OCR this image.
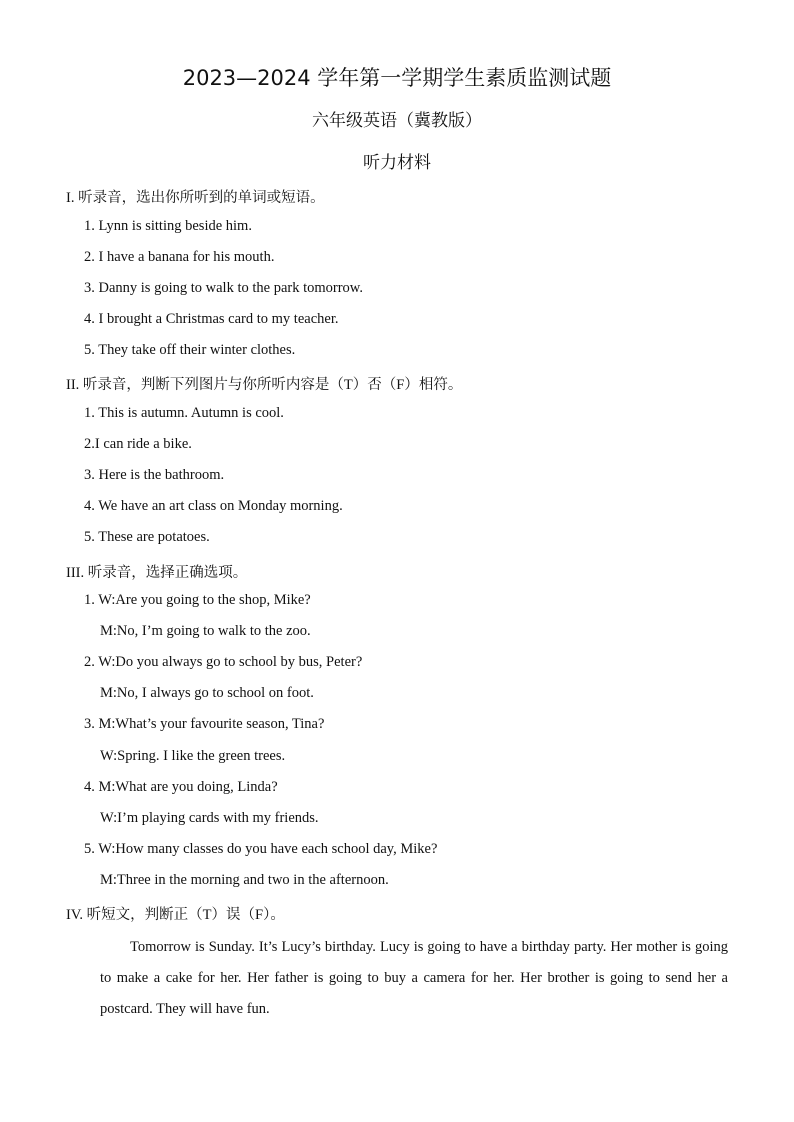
2023—2024 学年第一学期学生素质监测试题
六年级英语（冀教版）
听力材料
I. 听录音，选出你所听到的单词或短语。
1. Lynn is sitting beside him.
2. I have a banana for his mouth.
3. Danny is going to walk to the park tomorrow.
4. I brought a Christmas card to my teacher.
5. They take off their winter clothes.
II. 听录音，判断下列图片与你所听内容是（T）否（F）相符。
1. This is autumn. Autumn is cool.
2.I can ride a bike.
3. Here is the bathroom.
4. We have an art class on Monday morning.
5. These are potatoes.
III. 听录音，选择正确选项。
1. W:Are you going to the shop, Mike?
M:No, I’m going to walk to the zoo.
2. W:Do you always go to school by bus, Peter?
M:No, I always go to school on foot.
3. M:What’s your favourite season, Tina?
W:Spring. I like the green trees.
4. M:What are you doing, Linda?
W:I’m playing cards with my friends.
5. W:How many classes do you have each school day, Mike?
M:Three in the morning and two in the afternoon.
IV. 听短文，判断正（T）误（F）。
Tomorrow is Sunday. It’s Lucy’s birthday. Lucy is going to have a birthday party. Her mother is going to make a cake for her. Her father is going to buy a camera for her. Her brother is going to send her a postcard. They will have fun.
